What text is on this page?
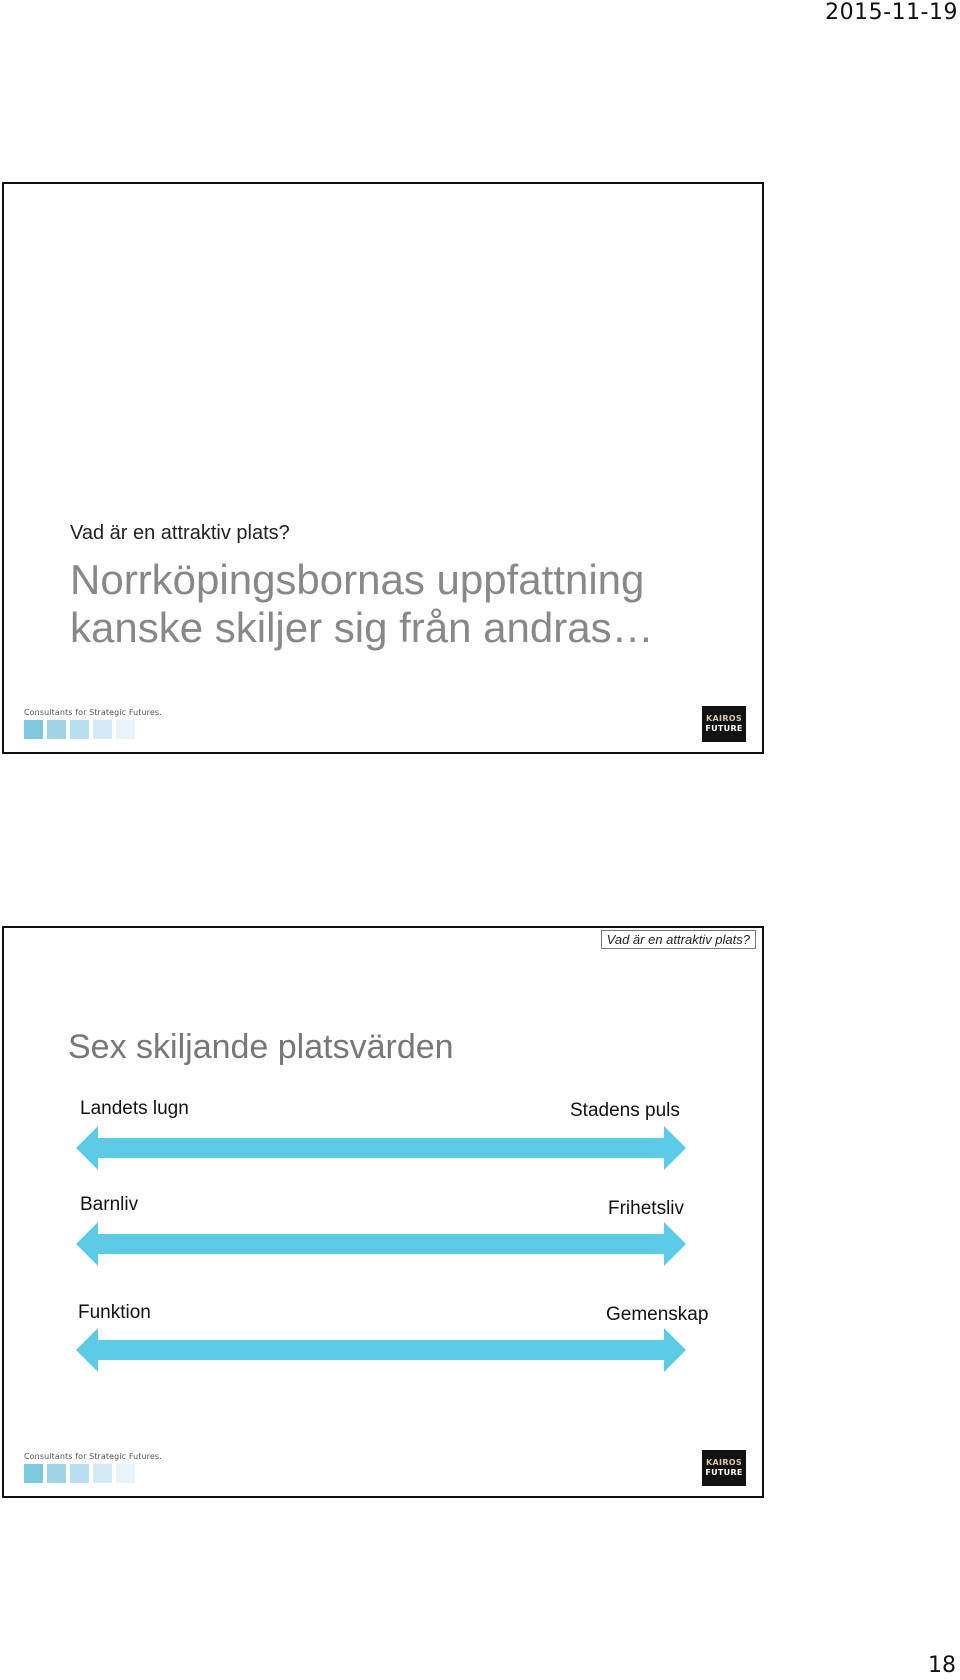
2015-11-19
Vad är en attraktiv plats?
Norrköpingsbornas uppfattning kanske skiljer sig från andras…
Consultants for Strategic Futures.
KAIROS
FUTURE
Vad är en attraktiv plats?
Sex skiljande platsvärden
Landets lugn	Stadens puls
Barnliv	Frihetsliv
Funktion	Gemenskap
Consultants for Strategic Futures.
KAIROS
FUTURE
18
